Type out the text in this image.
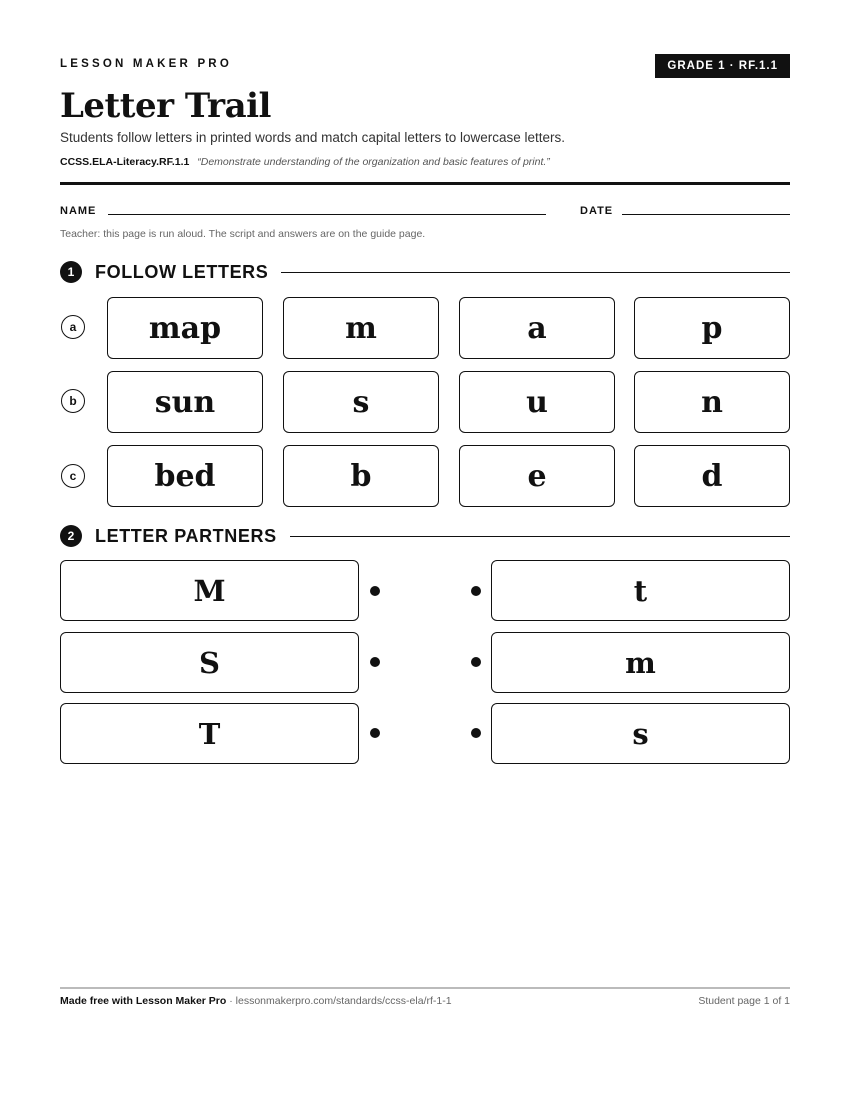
LESSON MAKER PRO	GRADE 1 · RF.1.1
Letter Trail
Students follow letters in printed words and match capital letters to lowercase letters.
CCSS.ELA-Literacy.RF.1.1 “Demonstrate understanding of the organization and basic features of print.”
NAME	DATE
Teacher: this page is run aloud. The script and answers are on the guide page.
1	FOLLOW LETTERS
a	map	m	a	p
b	sun	s	u	n
c	bed	b	e	d
2	LETTER PARTNERS
M	t
S	m
T	s
Made free with Lesson Maker Pro · lessonmakerpro.com/standards/ccss-ela/rf-1-1	Student page 1 of 1
